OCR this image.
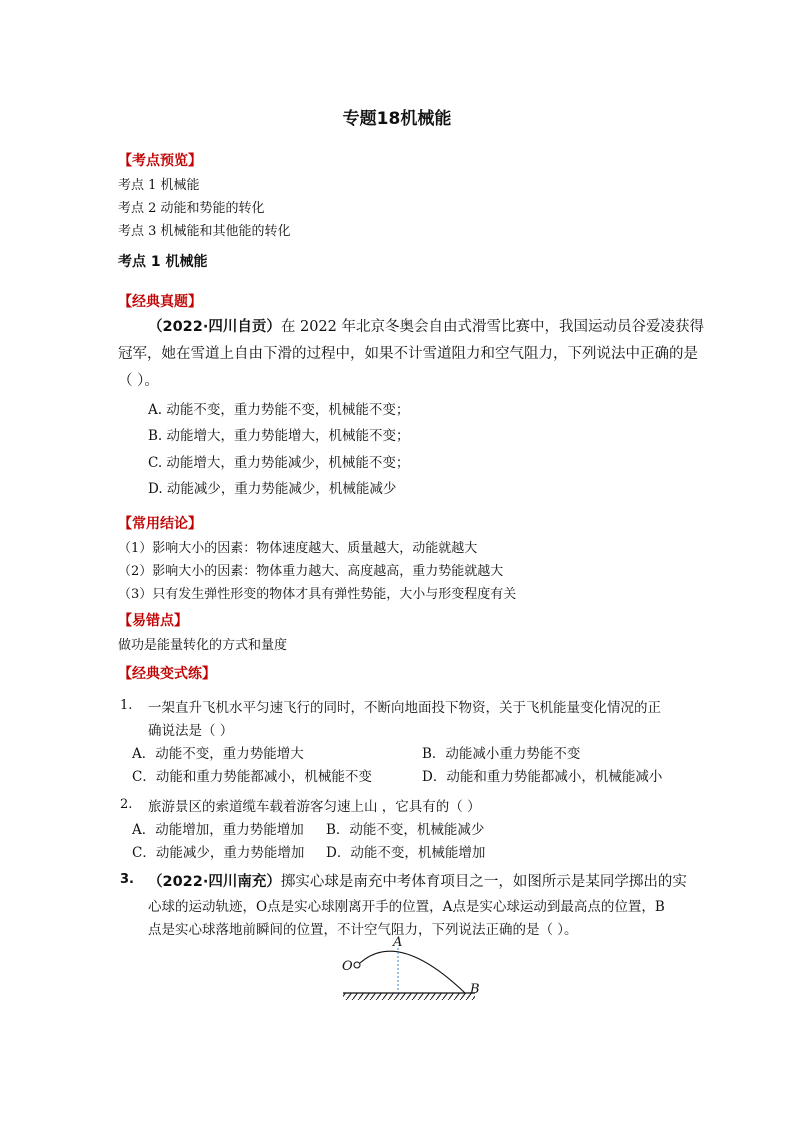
专题18机械能
【考点预览】
考点 1 机械能
考点 2 动能和势能的转化
考点 3 机械能和其他能的转化
考点 1 机械能
【经典真题】
（2022·四川自贡）在 2022 年北京冬奥会自由式滑雪比赛中，我国运动员谷爱凌获得
冠军，她在雪道上自由下滑的过程中，如果不计雪道阻力和空气阻力，下列说法中正确的是
（ ）。
A. 动能不变，重力势能不变，机械能不变；
B. 动能增大，重力势能增大，机械能不变；
C. 动能增大，重力势能减少，机械能不变；
D. 动能减少，重力势能减少，机械能减少
【常用结论】
（1）影响大小的因素：物体速度越大、质量越大，动能就越大
（2）影响大小的因素：物体重力越大、高度越高，重力势能就越大
（3）只有发生弹性形变的物体才具有弹性势能，大小与形变程度有关
【易错点】
做功是能量转化的方式和量度
【经典变式练】
1. 一架直升飞机水平匀速飞行的同时，不断向地面投下物资，关于飞机能量变化情况的正
确说法是（ ）
A．动能不变，重力势能增大	B．动能减小重力势能不变
C．动能和重力势能都减小，机械能不变	D．动能和重力势能都减小，机械能减小
2. 旅游景区的索道缆车载着游客匀速上山 ，它具有的（ ）
A．动能增加，重力势能增加 B．动能不变，机械能减少
C．动能减少，重力势能增加 D．动能不变，机械能增加
3. （2022·四川南充）掷实心球是南充中考体育项目之一，如图所示是某同学掷出的实
心球的运动轨迹，O点是实心球刚离开手的位置，A点是实心球运动到最高点的位置，B
点是实心球落地前瞬间的位置，不计空气阻力，下列说法正确的是（ ）。
O
A
B
